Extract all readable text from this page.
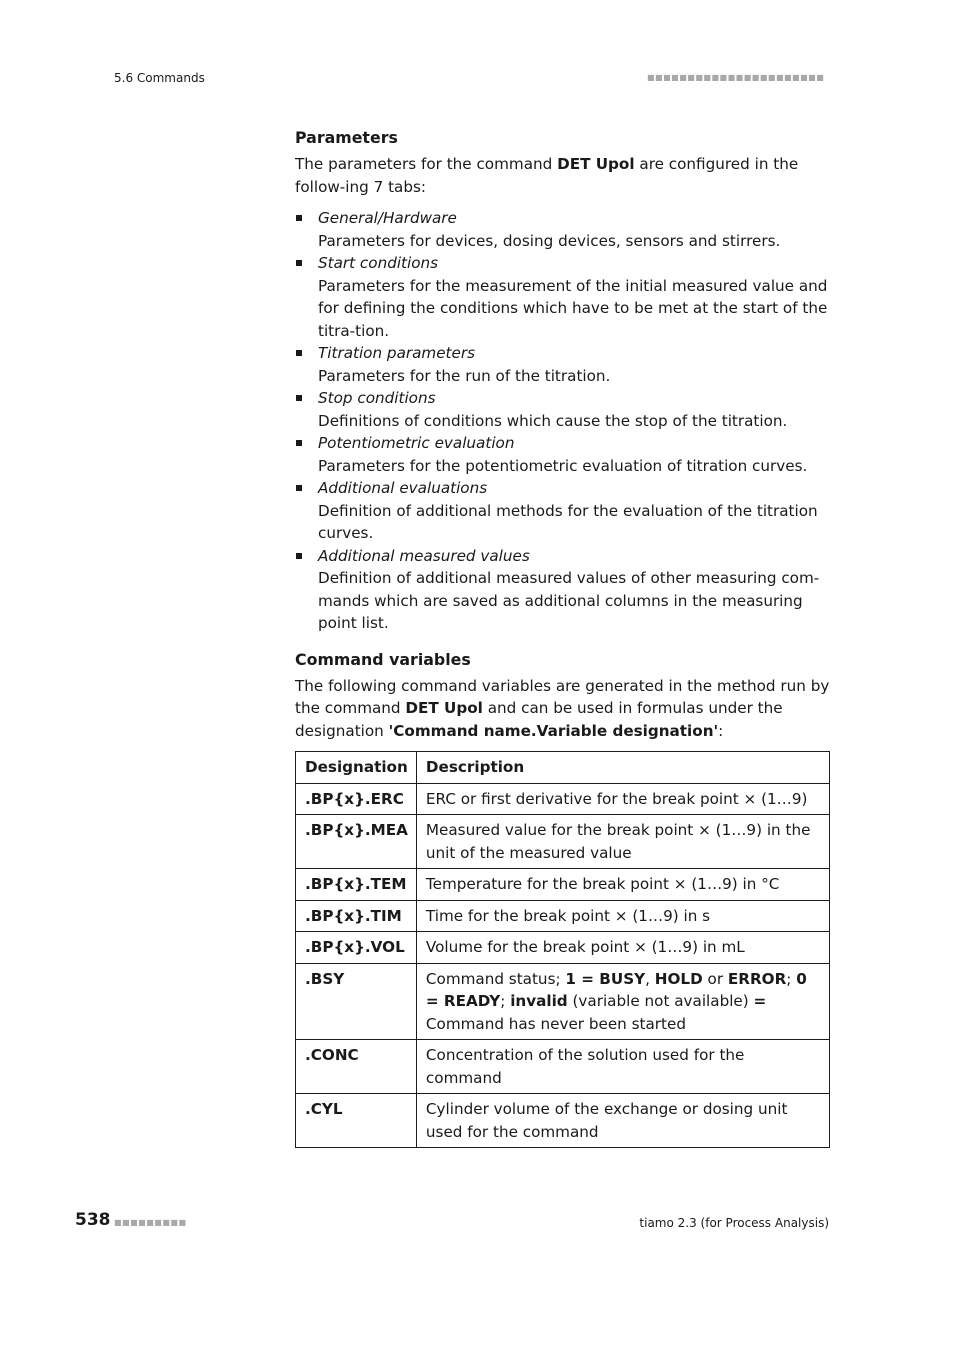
5.6 Commands	■■■■■■■■■■■■■■■■■■■■■■
Parameters

The parameters for the command DET Upol are configured in the follow-ing 7 tabs:

General/Hardware
Parameters for devices, dosing devices, sensors and stirrers.
Start conditions
Parameters for the measurement of the initial measured value and for defining the conditions which have to be met at the start of the titra-tion.
Titration parameters
Parameters for the run of the titration.
Stop conditions
Definitions of conditions which cause the stop of the titration.
Potentiometric evaluation
Parameters for the potentiometric evaluation of titration curves.
Additional evaluations
Definition of additional methods for the evaluation of the titration curves.
Additional measured values
Definition of additional measured values of other measuring com-mands which are saved as additional columns in the measuring point list.
Command variables

The following command variables are generated in the method run by the command DET Upol and can be used in formulas under the designation 'Command name.Variable designation':

Designation	Description
.BP{x}.ERC	ERC or first derivative for the break point × (1…9)
.BP{x}.MEA	Measured value for the break point × (1…9) in the unit of the measured value
.BP{x}.TEM	Temperature for the break point × (1…9) in °C
.BP{x}.TIM	Time for the break point × (1…9) in s
.BP{x}.VOL	Volume for the break point × (1…9) in mL
.BSY	Command status; 1 = BUSY, HOLD or ERROR; 0 = READY; invalid (variable not available) = Command has never been started
.CONC	Concentration of the solution used for the command
.CYL	Cylinder volume of the exchange or dosing unit used for the command
538 ■■■■■■■■■	tiamo 2.3 (for Process Analysis)
